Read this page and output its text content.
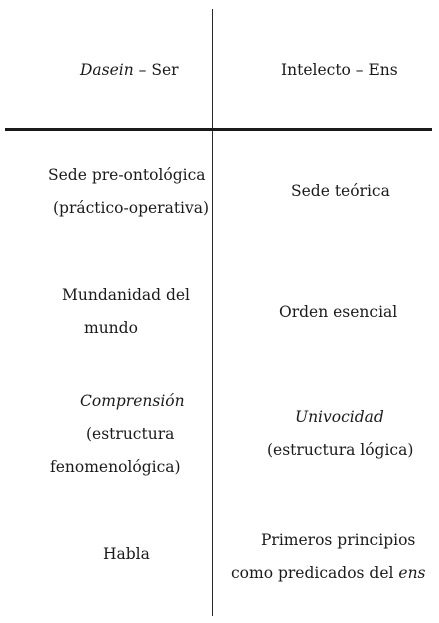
Dasein – Ser	Intelecto – Ens
Sede pre-ontológica
(práctico-operativa)
Sede teórica
Mundanidad del
mundo
Orden esencial
Comprensión
(estructura
fenomenológica)
Univocidad
(estructura lógica)
Habla
Primeros principios
como predicados del ens
